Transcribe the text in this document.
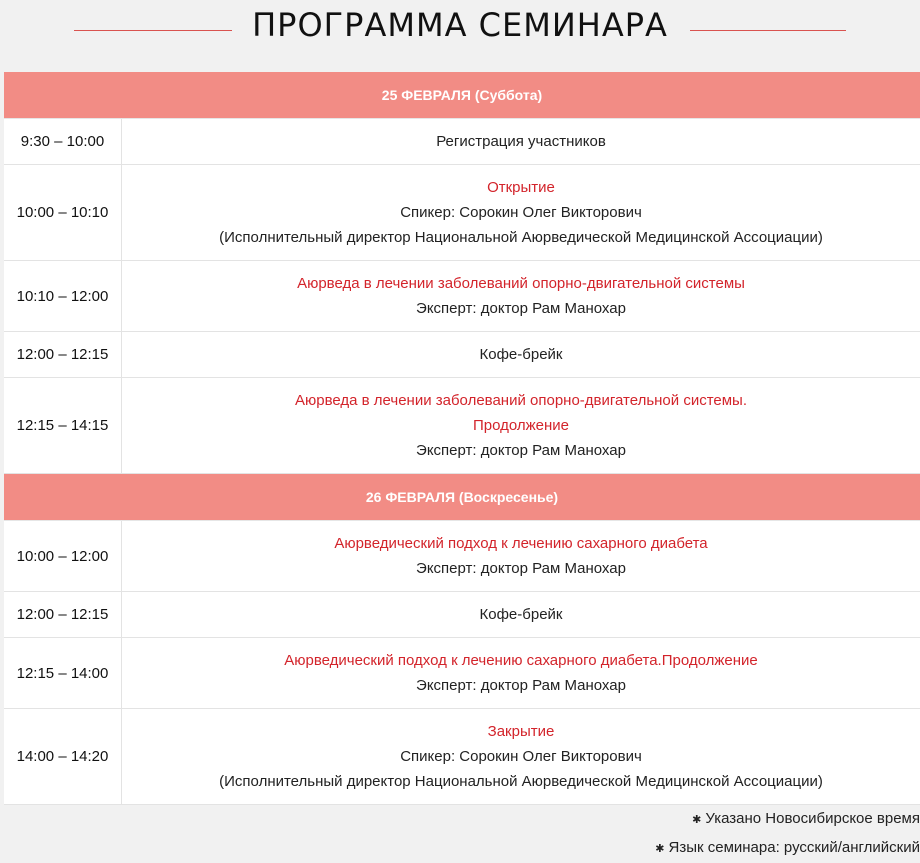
ПРОГРАММА СЕМИНАРА
25 ФЕВРАЛЯ (Суббота)
9:30 – 10:00	Регистрация участников
10:00 – 10:10
Открытие
Спикер: Сорокин Олег Викторович
(Исполнительный директор Национальной Аюрведической Медицинской Ассоциации)
10:10 – 12:00
Аюрведа в лечении заболеваний опорно-двигательной системы
Эксперт: доктор Рам Манохар
12:00 – 12:15	Кофе-брейк
12:15 – 14:15
Аюрведа в лечении заболеваний опорно-двигательной системы.
Продолжение
Эксперт: доктор Рам Манохар
26 ФЕВРАЛЯ (Воскресенье)
10:00 – 12:00
Аюрведический подход к лечению сахарного диабета
Эксперт: доктор Рам Манохар
12:00 – 12:15	Кофе-брейк
12:15 – 14:00
Аюрведический подход к лечению сахарного диабета.Продолжение
Эксперт: доктор Рам Манохар
14:00 – 14:20
Закрытие
Спикер: Сорокин Олег Викторович
(Исполнительный директор Национальной Аюрведической Медицинской Ассоциации)
✱ Указано Новосибирское время
✱ Язык семинара: русский/английский
